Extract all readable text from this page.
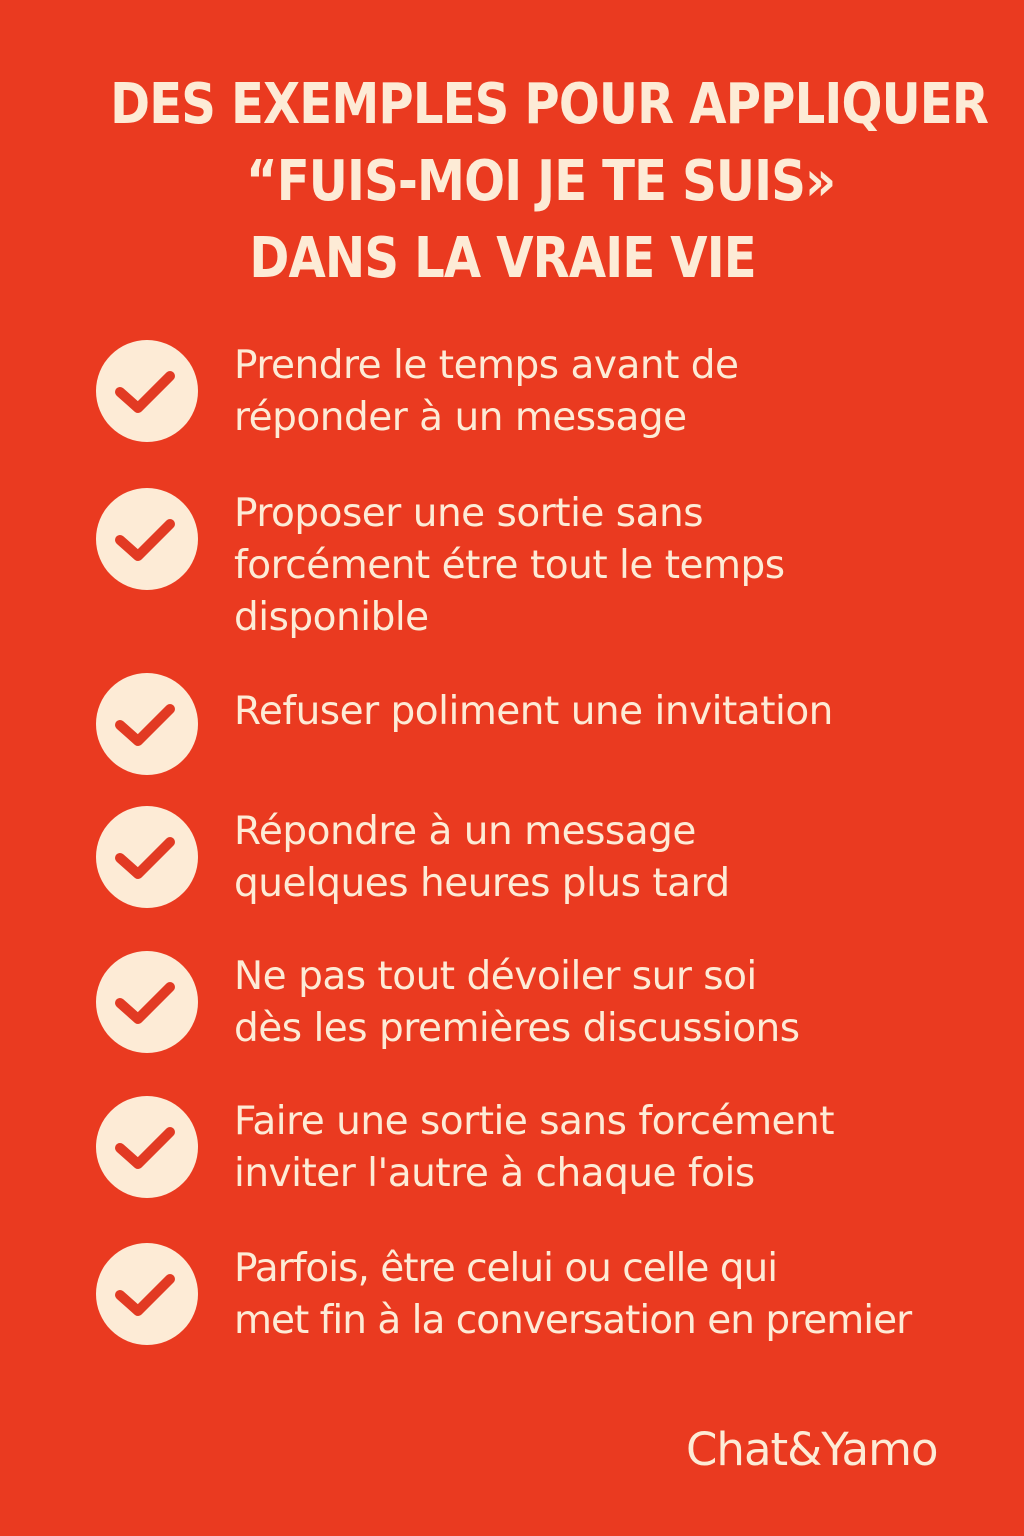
DES EXEMPLES POUR APPLIQUER
“FUIS-MOI JE TE SUIS»
DANS LA VRAIE VIE
Prendre le temps avant de
réponder à un message
Proposer une sortie sans
forcément étre tout le temps
disponible
Refuser poliment une invitation
Répondre à un message
quelques heures plus tard
Ne pas tout dévoiler sur soi
dès les premières discussions
Faire une sortie sans forcément
inviter l'autre à chaque fois
Parfois, être celui ou celle qui
met fin à la conversation en premier
Chat&Yamo
